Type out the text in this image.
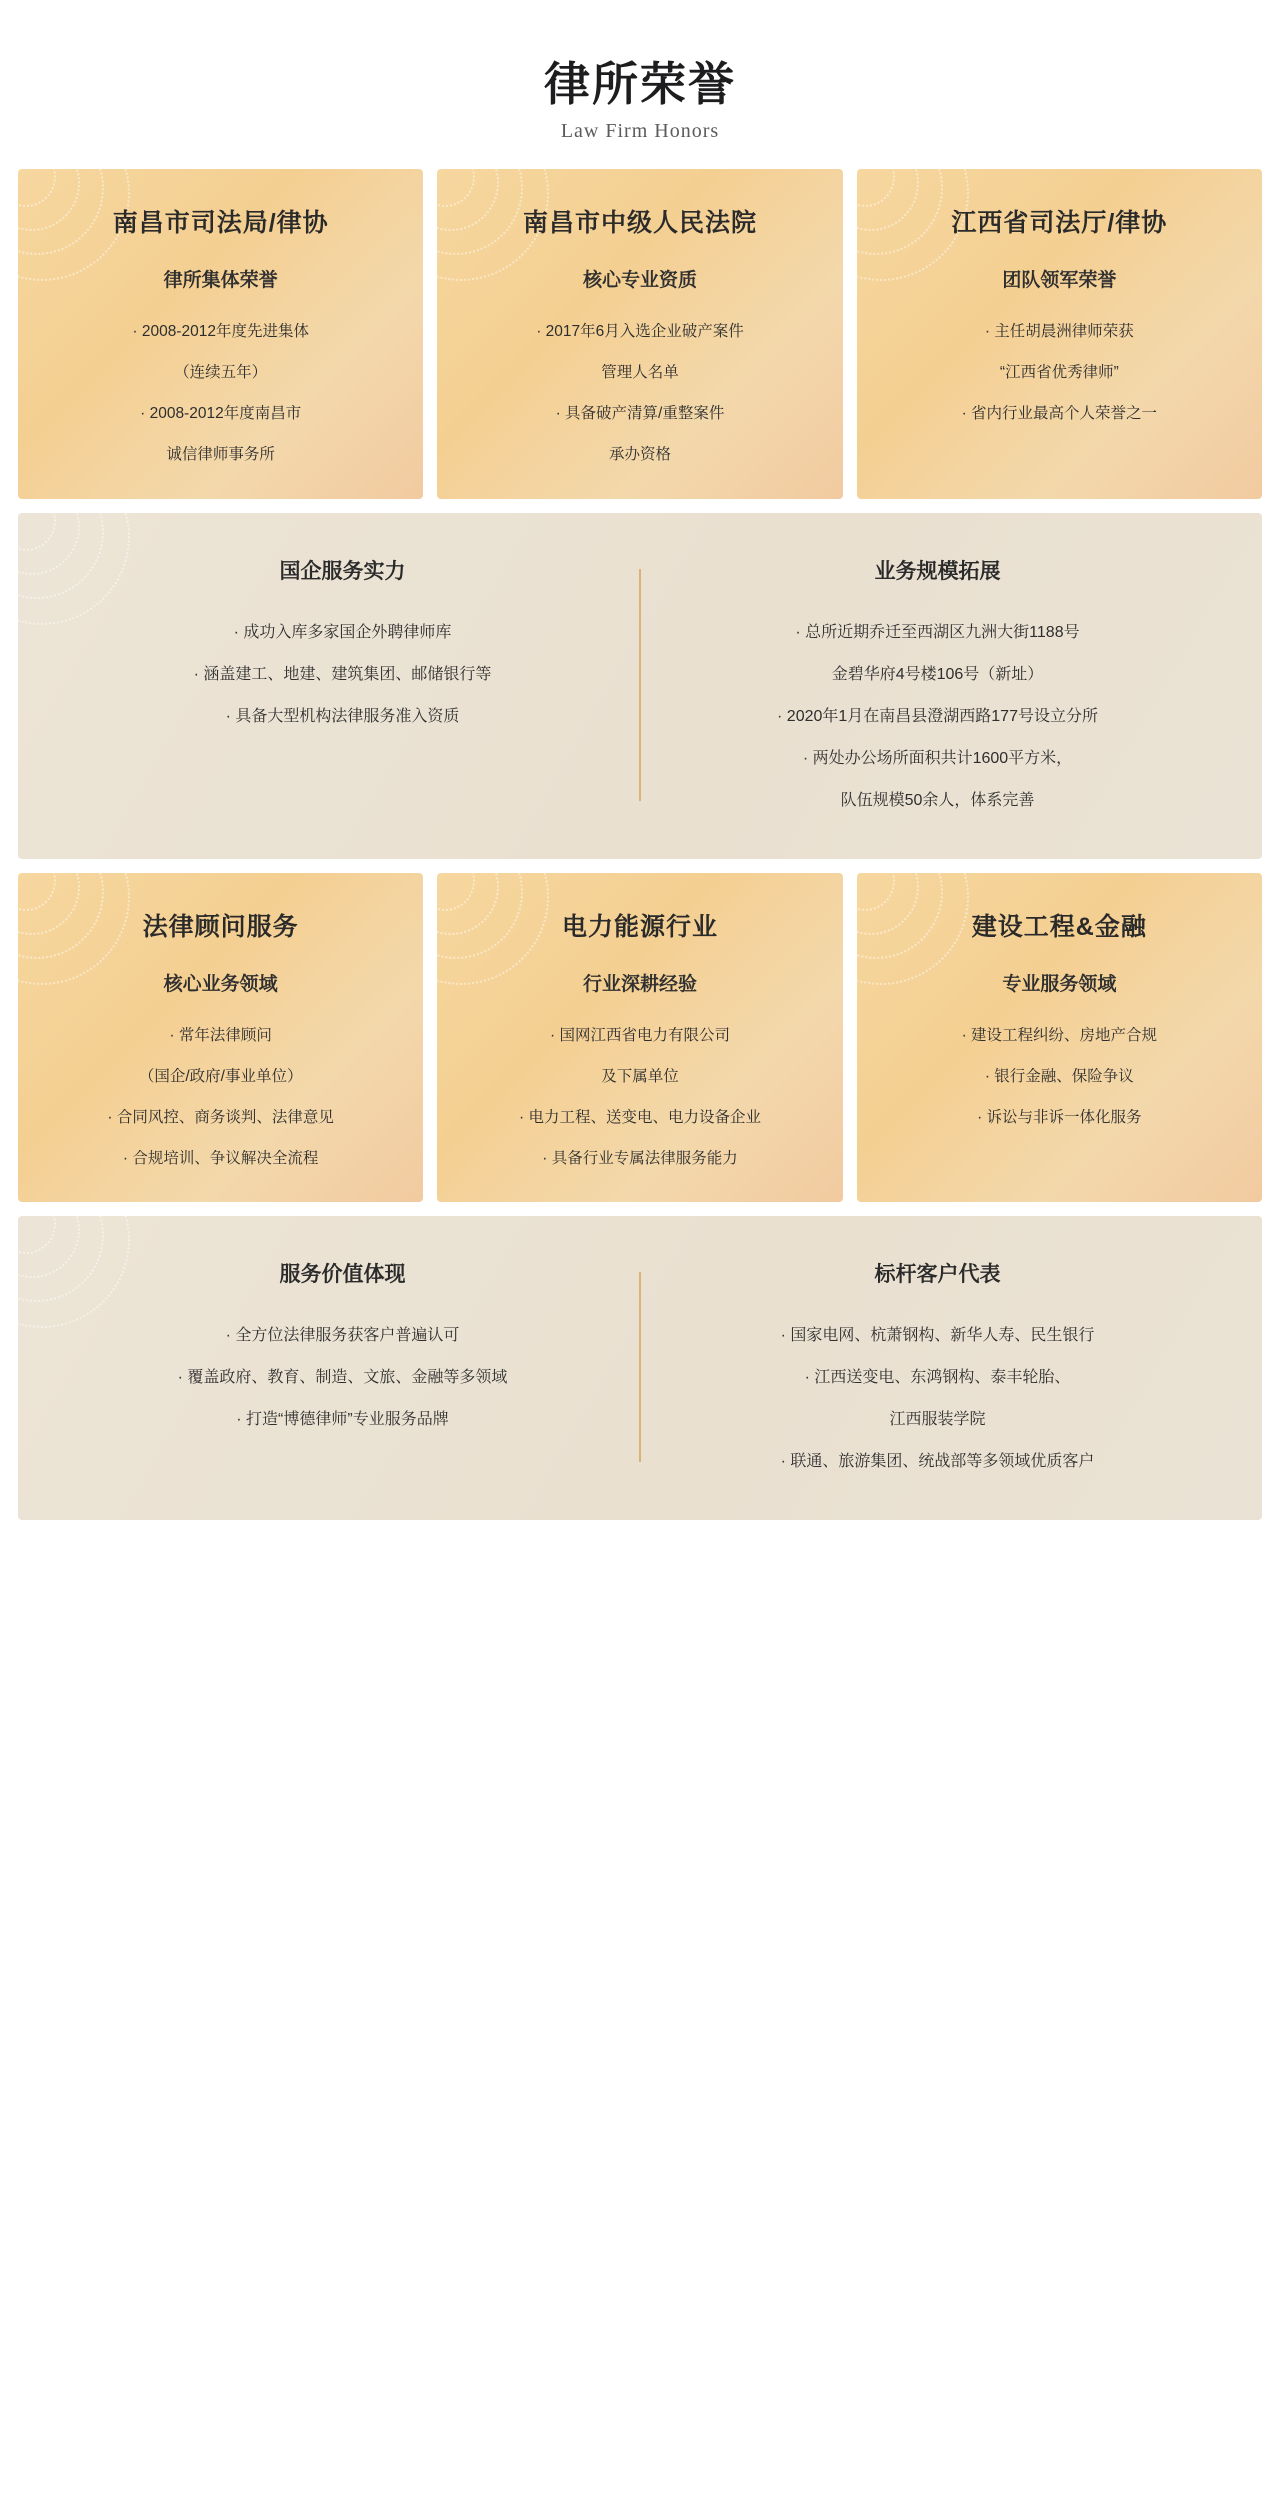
律所荣誉
Law Firm Honors
南昌市司法局/律协
律所集体荣誉
· 2008-2012年度先进集体
（连续五年）
· 2008-2012年度南昌市
诚信律师事务所
南昌市中级人民法院
核心专业资质
· 2017年6月入选企业破产案件
管理人名单
· 具备破产清算/重整案件
承办资格
江西省司法厅/律协
团队领军荣誉
· 主任胡晨洲律师荣获
“江西省优秀律师”
· 省内行业最高个人荣誉之一
国企服务实力
· 成功入库多家国企外聘律师库
· 涵盖建工、地建、建筑集团、邮储银行等
· 具备大型机构法律服务准入资质
业务规模拓展
· 总所近期乔迁至西湖区九洲大街1188号
金碧华府4号楼106号（新址）
· 2020年1月在南昌县澄湖西路177号设立分所
· 两处办公场所面积共计1600平方米，
队伍规模50余人，体系完善
法律顾问服务
核心业务领域
· 常年法律顾问
（国企/政府/事业单位）
· 合同风控、商务谈判、法律意见
· 合规培训、争议解决全流程
电力能源行业
行业深耕经验
· 国网江西省电力有限公司
及下属单位
· 电力工程、送变电、电力设备企业
· 具备行业专属法律服务能力
建设工程&金融
专业服务领域
· 建设工程纠纷、房地产合规
· 银行金融、保险争议
· 诉讼与非诉一体化服务
服务价值体现
· 全方位法律服务获客户普遍认可
· 覆盖政府、教育、制造、文旅、金融等多领域
· 打造“博德律师”专业服务品牌
标杆客户代表
· 国家电网、杭萧钢构、新华人寿、民生银行
· 江西送变电、东鸿钢构、泰丰轮胎、
江西服装学院
· 联通、旅游集团、统战部等多领域优质客户
